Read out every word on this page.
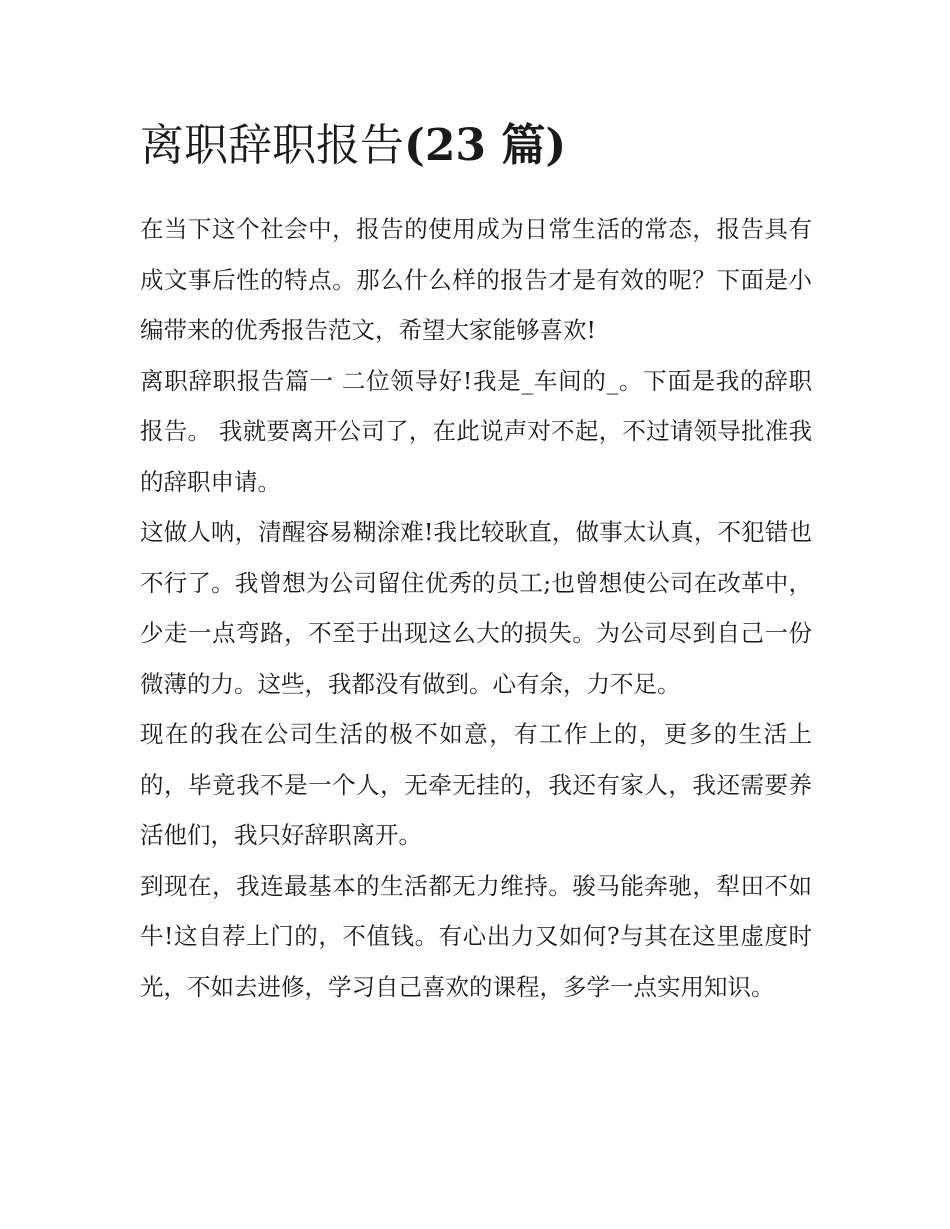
离职辞职报告(23 篇)

在当下这个社会中，报告的使用成为日常生活的常态，报告具有成文事后性的特点。那么什么样的报告才是有效的呢？下面是小编带来的优秀报告范文，希望大家能够喜欢!

离职辞职报告篇一 二位领导好!我是_车间的_。下面是我的辞职报告。 我就要离开公司了，在此说声对不起，不过请领导批准我的辞职申请。

这做人呐，清醒容易糊涂难!我比较耿直，做事太认真，不犯错也不行了。我曾想为公司留住优秀的员工;也曾想使公司在改革中，少走一点弯路，不至于出现这么大的损失。为公司尽到自己一份微薄的力。这些，我都没有做到。心有余，力不足。

现在的我在公司生活的极不如意，有工作上的，更多的生活上的，毕竟我不是一个人，无牵无挂的，我还有家人，我还需要养活他们，我只好辞职离开。

到现在，我连最基本的生活都无力维持。骏马能奔驰，犁田不如牛!这自荐上门的，不值钱。有心出力又如何?与其在这里虚度时光，不如去进修，学习自己喜欢的课程，多学一点实用知识。
